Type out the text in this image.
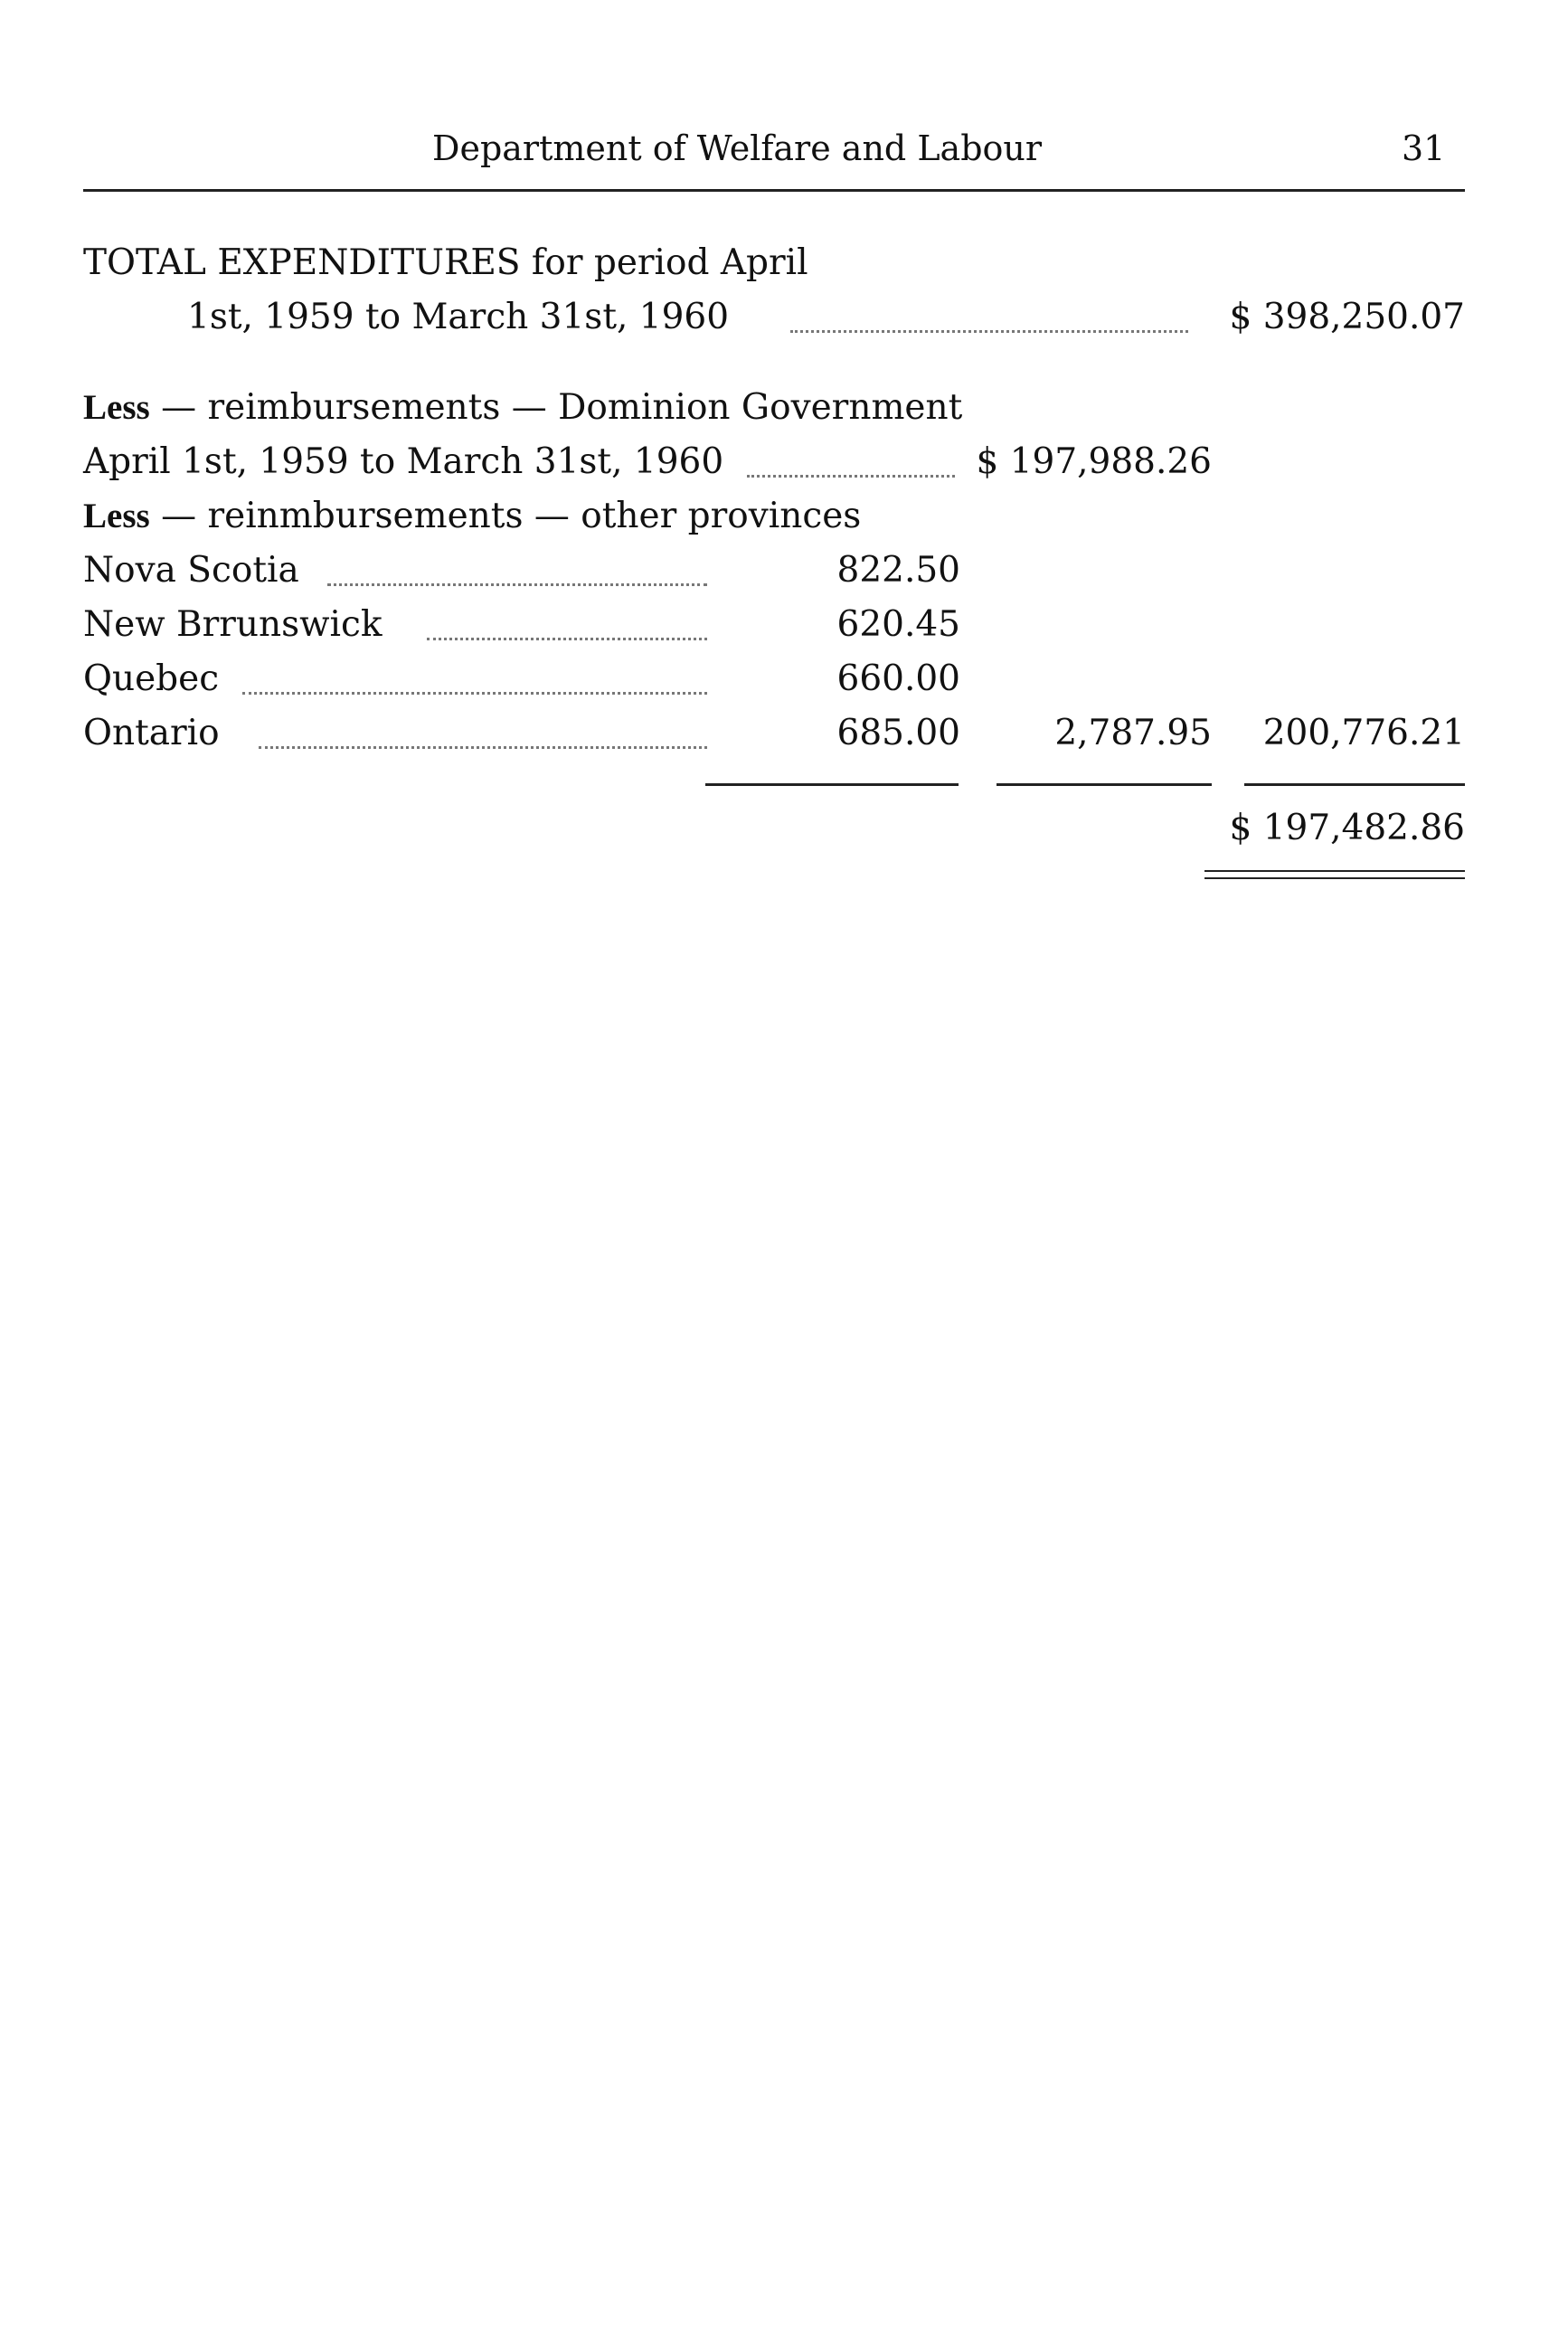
Department of Welfare and Labour	31
TOTAL EXPENDITURES for period April
1st, 1959 to March 31st, 1960	$ 398,250.07
Less — reimbursements — Dominion Government
April 1st, 1959 to March 31st, 1960	$ 197,988.26
Less — reinmbursements — other provinces
Nova Scotia	822.50
New Brrunswick	620.45
Quebec	660.00
Ontario	685.00	2,787.95 200,776.21
$ 197,482.86
